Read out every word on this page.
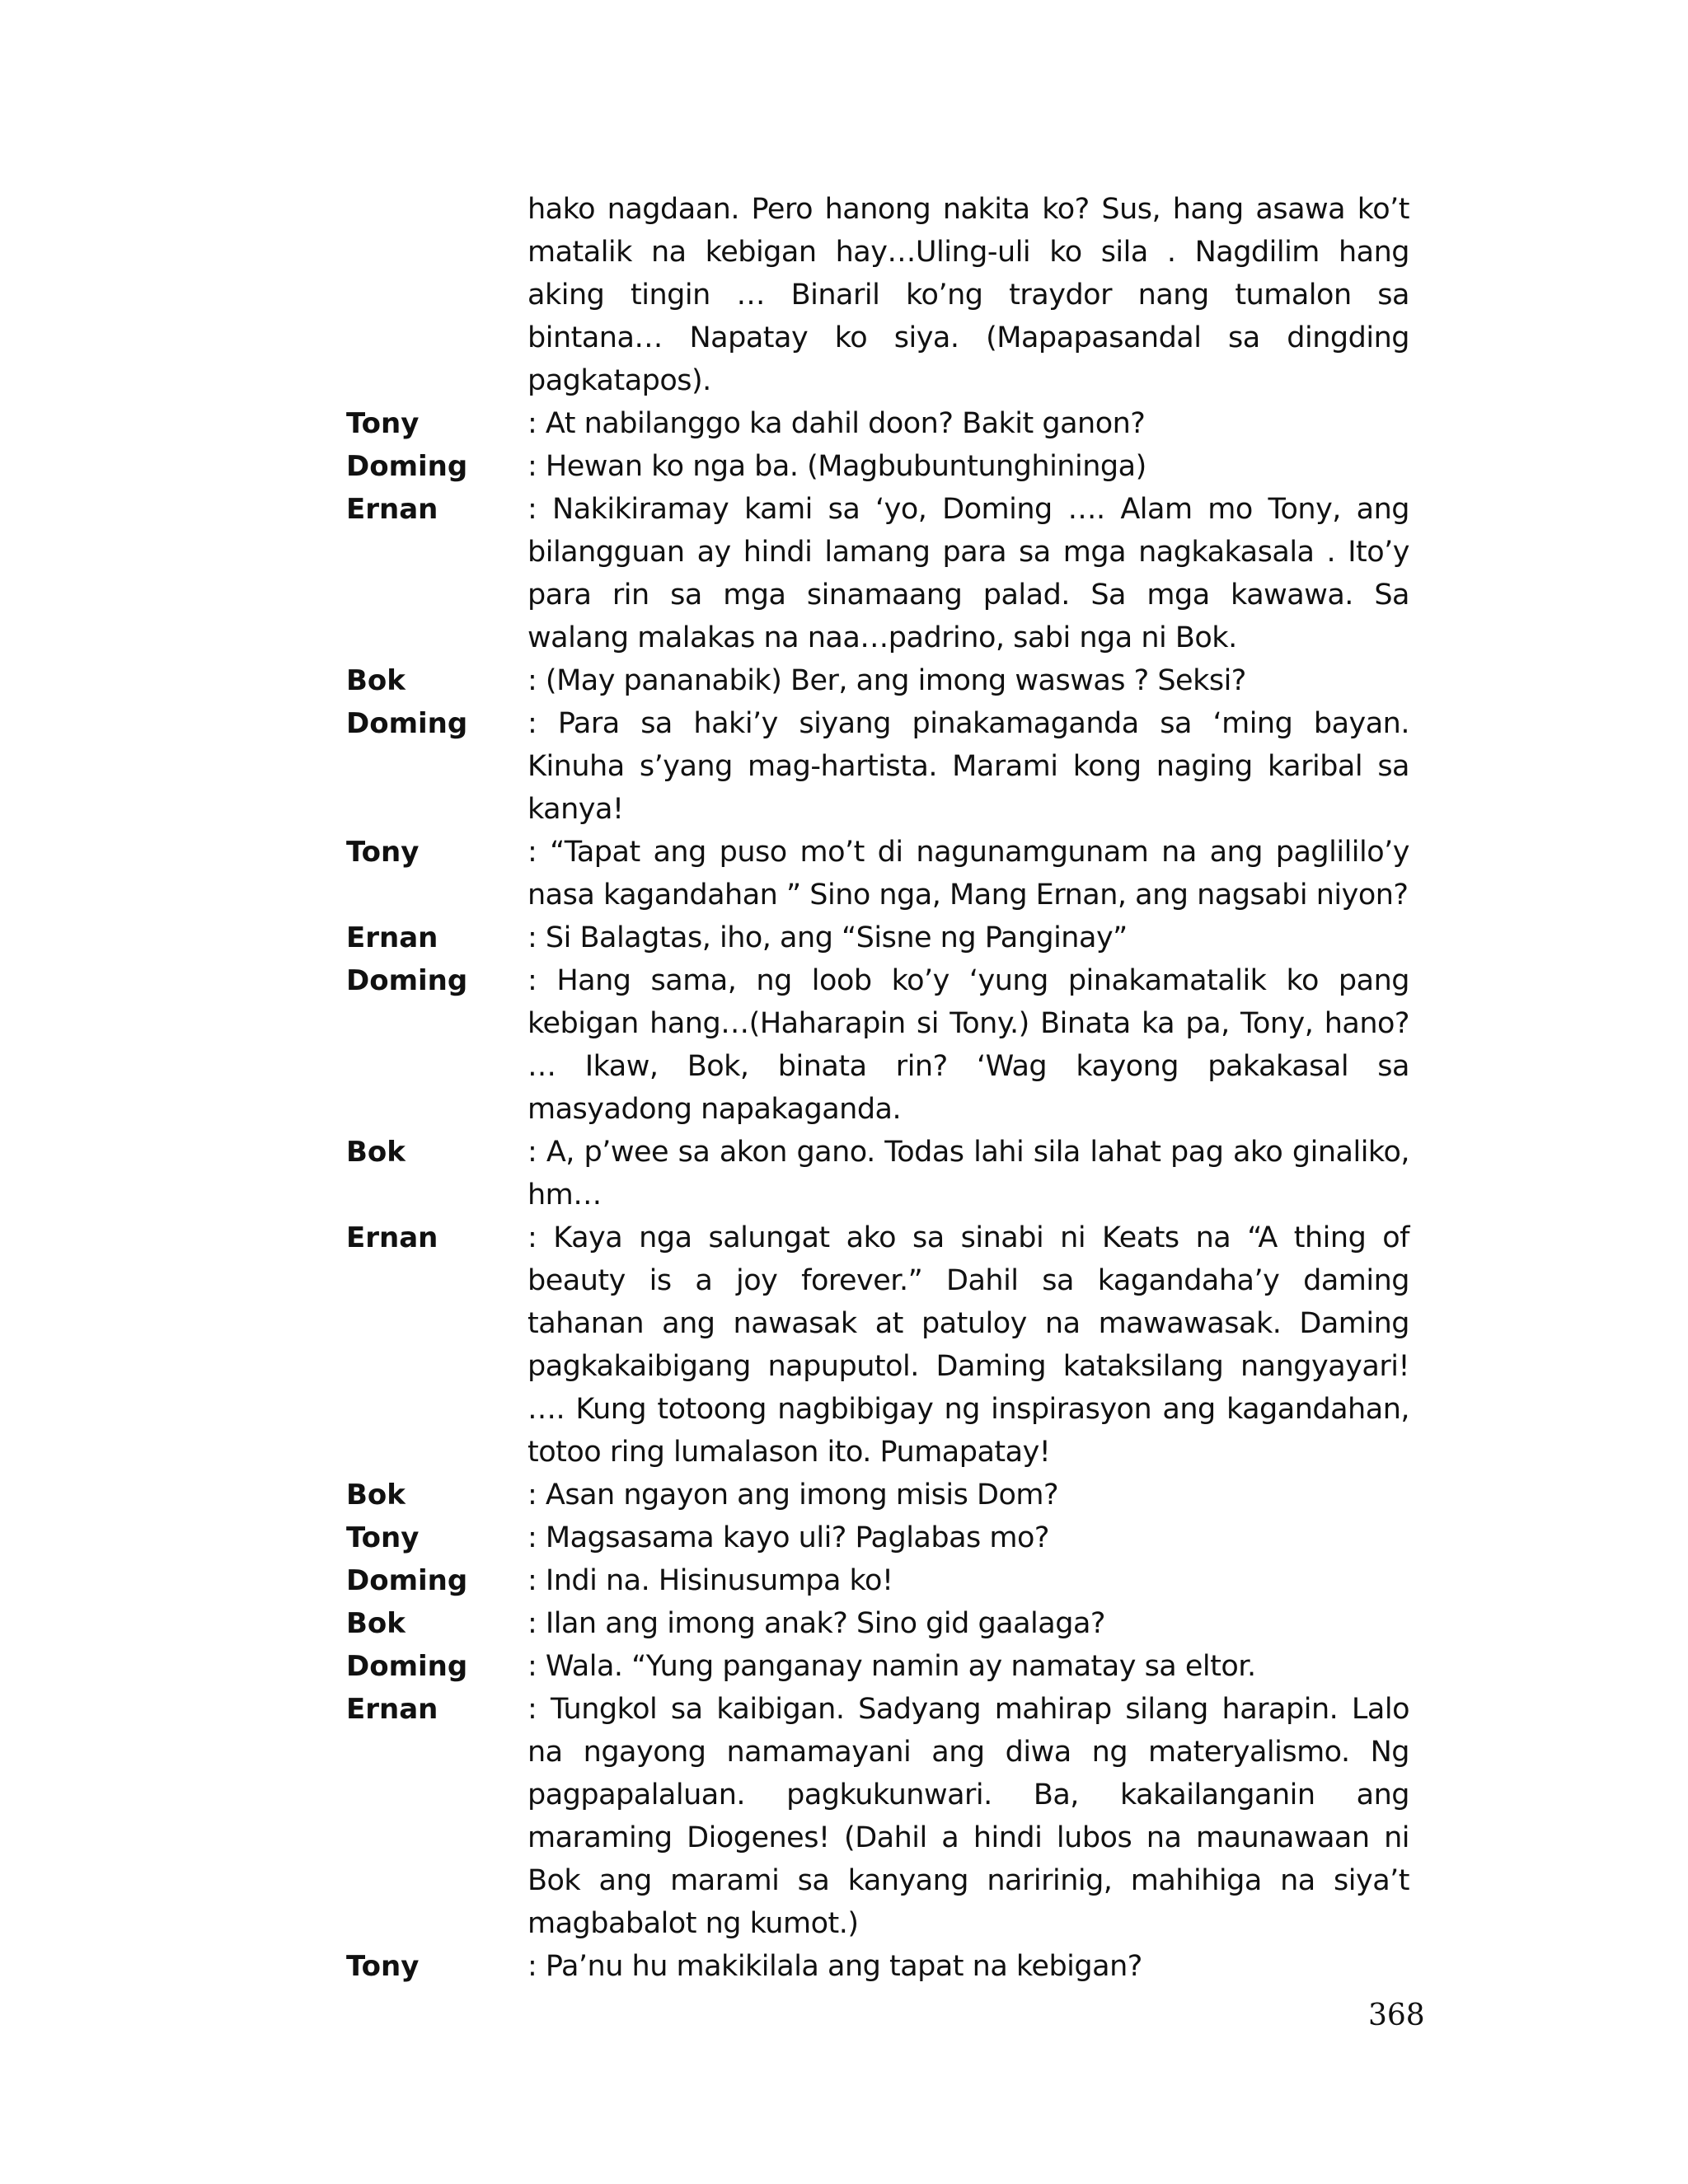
hako nagdaan. Pero hanong nakita ko? Sus, hang asawa ko’t matalik na kebigan hay…Uling-uli ko sila . Nagdilim hang aking tingin … Binaril ko’ng traydor nang tumalon sa bintana… Napatay ko siya. (Mapapasandal sa dingding pagkatapos).
Tony	: At nabilanggo ka dahil doon? Bakit ganon?
Doming	: Hewan ko nga ba. (Magbubuntunghininga)
Ernan	: Nakikiramay kami sa ‘yo, Doming …. Alam mo Tony, ang bilangguan ay hindi lamang para sa mga nagkakasala . Ito’y para rin sa mga sinamaang palad. Sa mga kawawa. Sa walang malakas na naa…padrino, sabi nga ni Bok.
Bok	: (May pananabik) Ber, ang imong waswas ? Seksi?
Doming	: Para sa haki’y siyang pinakamaganda sa ‘ming bayan. Kinuha s’yang mag-hartista. Marami kong naging karibal sa kanya!
Tony	: “Tapat ang puso mo’t di nagunamgunam na ang paglililo’y nasa kagandahan ” Sino nga, Mang Ernan, ang nagsabi niyon?
Ernan	: Si Balagtas, iho, ang “Sisne ng Panginay”
Doming	: Hang sama, ng loob ko’y ‘yung pinakamatalik ko pang kebigan hang…(Haharapin si Tony.) Binata ka pa, Tony, hano? … Ikaw, Bok, binata rin? ‘Wag kayong pakakasal sa masyadong napakaganda.
Bok	: A, p’wee sa akon gano. Todas lahi sila lahat pag ako ginaliko, hm…
Ernan	: Kaya nga salungat ako sa sinabi ni Keats na “A thing of beauty is a joy forever.” Dahil sa kagandaha’y daming tahanan ang nawasak at patuloy na mawawasak. Daming pagkakaibigang napuputol. Daming kataksilang nangyayari! …. Kung totoong nagbibigay ng inspirasyon ang kagandahan, totoo ring lumalason ito. Pumapatay!
Bok	: Asan ngayon ang imong misis Dom?
Tony	: Magsasama kayo uli? Paglabas mo?
Doming	: Indi na. Hisinusumpa ko!
Bok	: Ilan ang imong anak? Sino gid gaalaga?
Doming	: Wala. “Yung panganay namin ay namatay sa eltor.
Ernan	: Tungkol sa kaibigan. Sadyang mahirap silang harapin. Lalo na ngayong namamayani ang diwa ng materyalismo. Ng pagpapalaluan. pagkukunwari. Ba, kakailanganin ang maraming Diogenes! (Dahil a hindi lubos na maunawaan ni Bok ang marami sa kanyang naririnig, mahihiga na siya’t magbabalot ng kumot.)
Tony	: Pa’nu hu makikilala ang tapat na kebigan?
368
